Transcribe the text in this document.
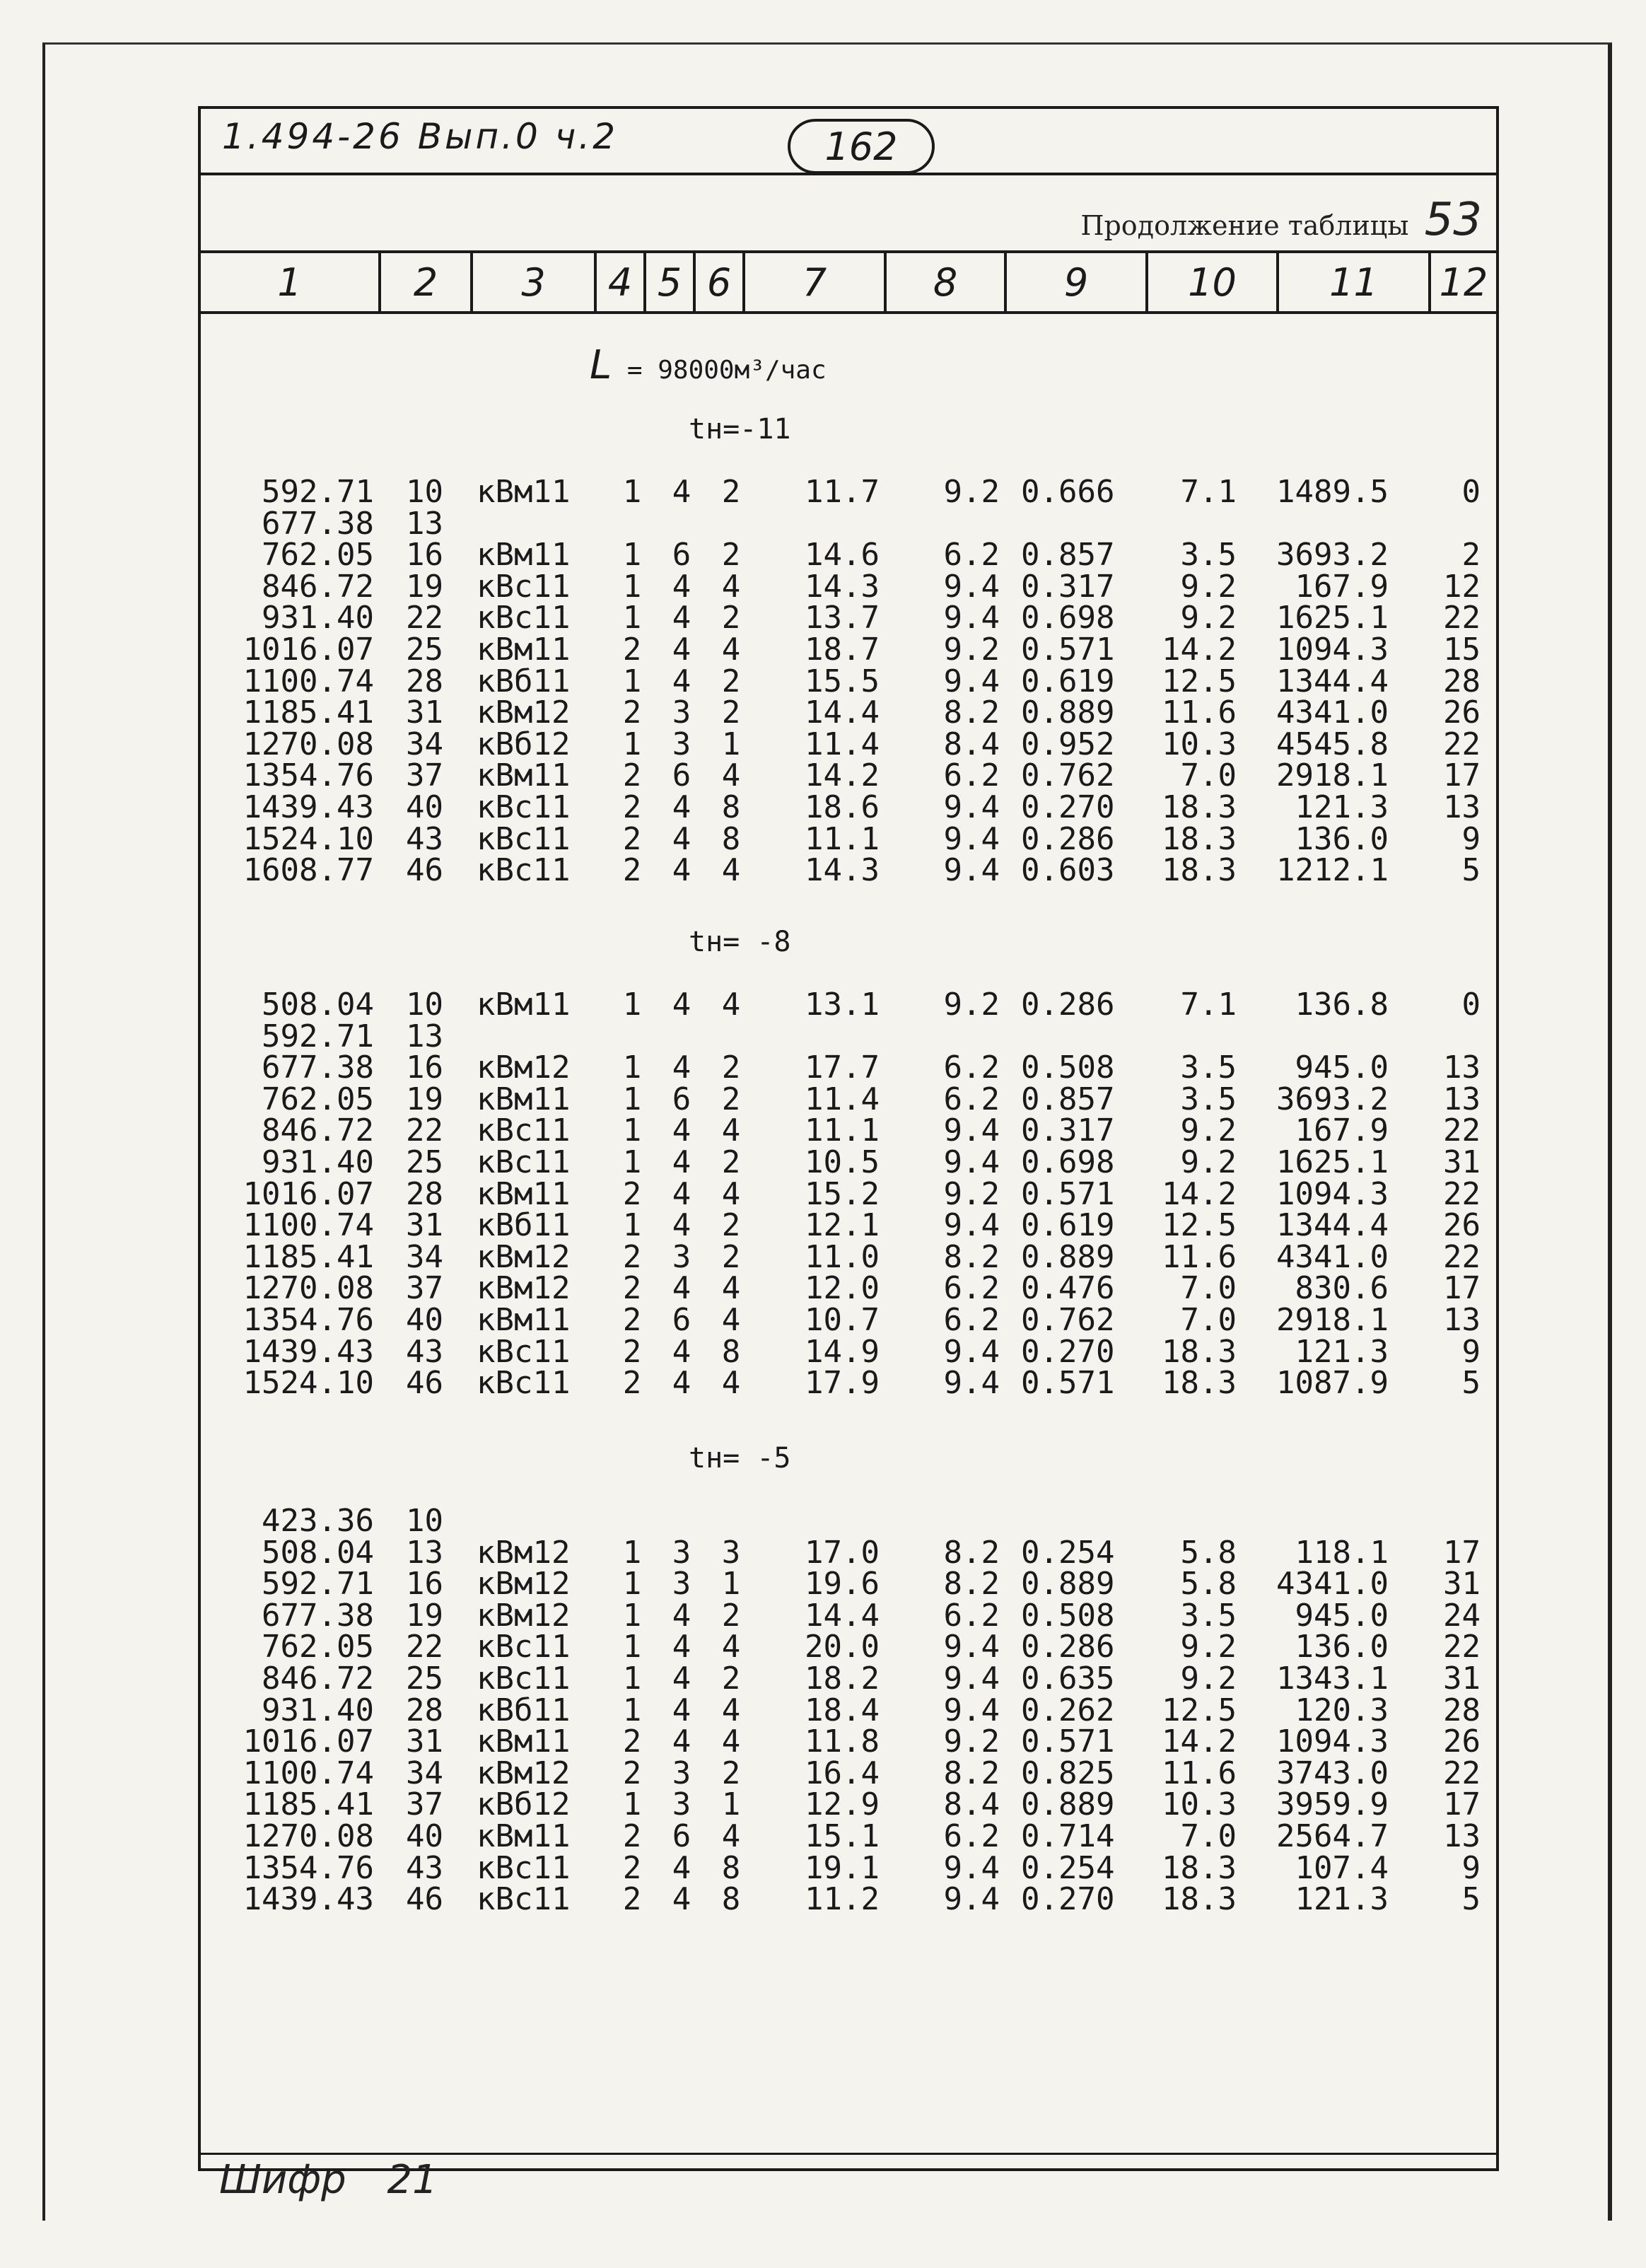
1.494-26 Вып.0 ч.2	162
Продолжение таблицы 53
1	2	3	4 5 6	7	8	9	10	11	12
L = 98000м³/час
tн=-11
592.71 10 кВм11 1 4 2 11.7 9.2 0.666 7.1 1489.5 0
677.38 13
762.05 16 кВм11 1 6 2 14.6 6.2 0.857 3.5 3693.2 2
846.72 19 кВс11 1 4 4 14.3 9.4 0.317 9.2 167.9 12
931.40 22 кВс11 1 4 2 13.7 9.4 0.698 9.2 1625.1 22
1016.07 25 кВм11 2 4 4 18.7 9.2 0.571 14.2 1094.3 15
1100.74 28 кВб11 1 4 2 15.5 9.4 0.619 12.5 1344.4 28
1185.41 31 кВм12 2 3 2 14.4 8.2 0.889 11.6 4341.0 26
1270.08 34 кВб12 1 3 1 11.4 8.4 0.952 10.3 4545.8 22
1354.76 37 кВм11 2 6 4 14.2 6.2 0.762 7.0 2918.1 17
1439.43 40 кВс11 2 4 8 18.6 9.4 0.270 18.3 121.3 13
1524.10 43 кВс11 2 4 8 11.1 9.4 0.286 18.3 136.0 9
1608.77 46 кВс11 2 4 4 14.3 9.4 0.603 18.3 1212.1 5
tн= -8
508.04 10 кВм11 1 4 4 13.1 9.2 0.286 7.1 136.8 0
592.71 13
677.38 16 кВм12 1 4 2 17.7 6.2 0.508 3.5 945.0 13
762.05 19 кВм11 1 6 2 11.4 6.2 0.857 3.5 3693.2 13
846.72 22 кВс11 1 4 4 11.1 9.4 0.317 9.2 167.9 22
931.40 25 кВс11 1 4 2 10.5 9.4 0.698 9.2 1625.1 31
1016.07 28 кВм11 2 4 4 15.2 9.2 0.571 14.2 1094.3 22
1100.74 31 кВб11 1 4 2 12.1 9.4 0.619 12.5 1344.4 26
1185.41 34 кВм12 2 3 2 11.0 8.2 0.889 11.6 4341.0 22
1270.08 37 кВм12 2 4 4 12.0 6.2 0.476 7.0 830.6 17
1354.76 40 кВм11 2 6 4 10.7 6.2 0.762 7.0 2918.1 13
1439.43 43 кВс11 2 4 8 14.9 9.4 0.270 18.3 121.3 9
1524.10 46 кВс11 2 4 4 17.9 9.4 0.571 18.3 1087.9 5
tн= -5
423.36 10
508.04 13 кВм12 1 3 3 17.0 8.2 0.254 5.8 118.1 17
592.71 16 кВм12 1 3 1 19.6 8.2 0.889 5.8 4341.0 31
677.38 19 кВм12 1 4 2 14.4 6.2 0.508 3.5 945.0 24
762.05 22 кВс11 1 4 4 20.0 9.4 0.286 9.2 136.0 22
846.72 25 кВс11 1 4 2 18.2 9.4 0.635 9.2 1343.1 31
931.40 28 кВб11 1 4 4 18.4 9.4 0.262 12.5 120.3 28
1016.07 31 кВм11 2 4 4 11.8 9.2 0.571 14.2 1094.3 26
1100.74 34 кВм12 2 3 2 16.4 8.2 0.825 11.6 3743.0 22
1185.41 37 кВб12 1 3 1 12.9 8.4 0.889 10.3 3959.9 17
1270.08 40 кВм11 2 6 4 15.1 6.2 0.714 7.0 2564.7 13
1354.76 43 кВс11 2 4 8 19.1 9.4 0.254 18.3 107.4 9
1439.43 46 кВс11 2 4 8 11.2 9.4 0.270 18.3 121.3 5
Шифр 21
